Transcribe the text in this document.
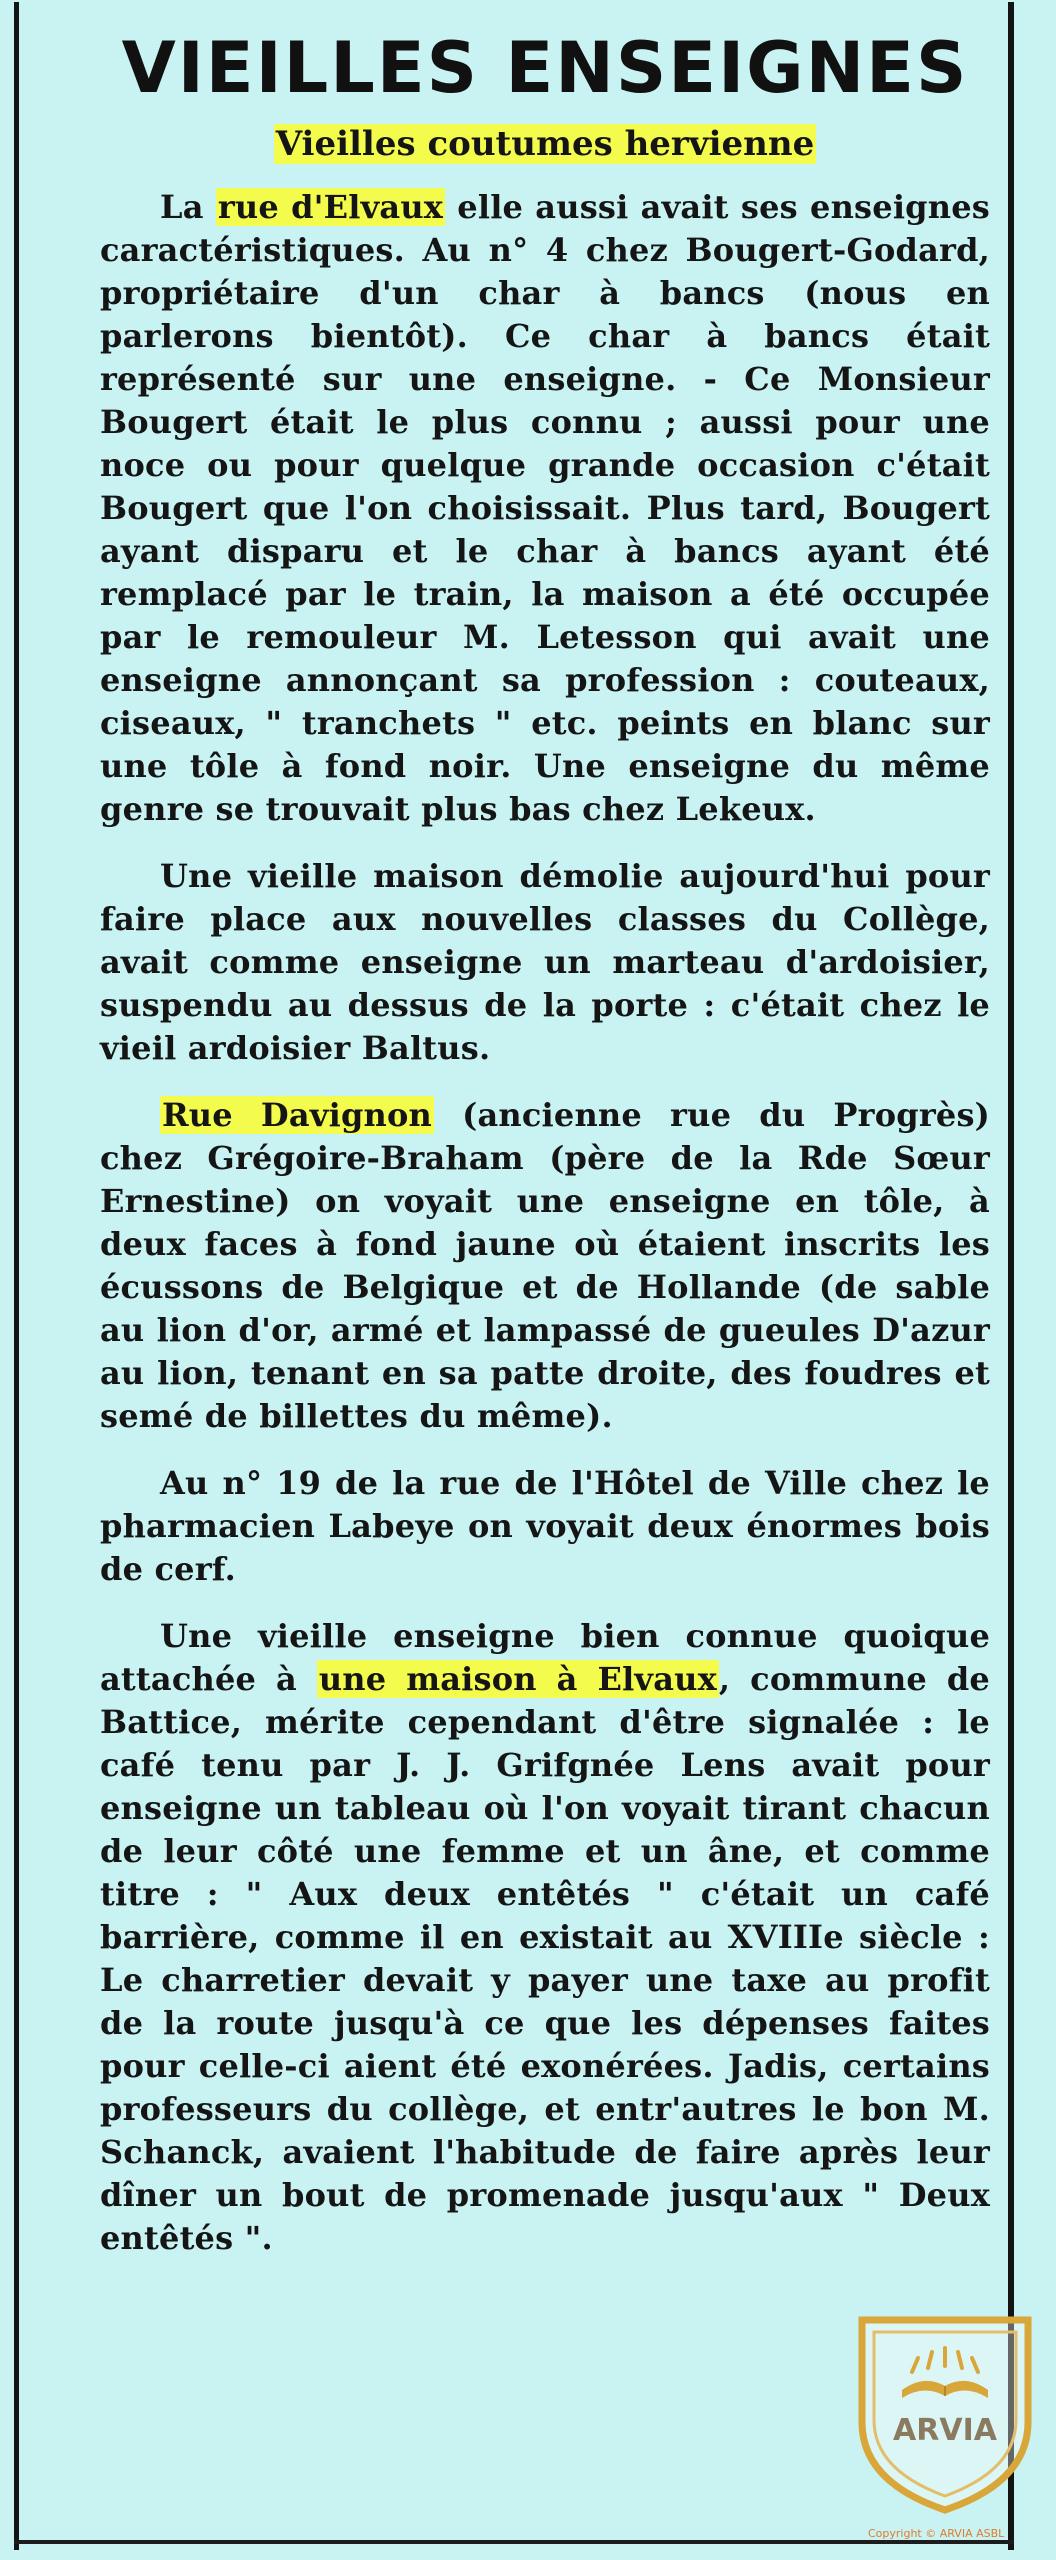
VIEILLES ENSEIGNES
Vieilles coutumes hervienne

La rue d'Elvaux elle aussi avait ses enseignes caractéristiques. Au n° 4 chez Bougert-Godard, propriétaire d'un char à bancs (nous en parlerons bientôt). Ce char à bancs était représenté sur une enseigne. - Ce Monsieur Bougert était le plus connu ; aussi pour une noce ou pour quelque grande occasion c'était Bougert que l'on choisissait. Plus tard, Bougert ayant disparu et le char à bancs ayant été remplacé par le train, la maison a été occupée par le remouleur M. Letesson qui avait une enseigne annonçant sa profession : couteaux, ciseaux, " tranchets " etc. peints en blanc sur une tôle à fond noir. Une enseigne du même genre se trouvait plus bas chez Lekeux.

Une vieille maison démolie aujourd'hui pour faire place aux nouvelles classes du Collège, avait comme enseigne un marteau d'ardoisier, suspendu au dessus de la porte : c'était chez le vieil ardoisier Baltus.

Rue Davignon (ancienne rue du Progrès) chez Grégoire-Braham (père de la Rde Sœur Ernestine) on voyait une enseigne en tôle, à deux faces à fond jaune où étaient inscrits les écussons de Belgique et de Hollande (de sable au lion d'or, armé et lampassé de gueules D'azur au lion, tenant en sa patte droite, des foudres et semé de billettes du même).

Au n° 19 de la rue de l'Hôtel de Ville chez le pharmacien Labeye on voyait deux énormes bois de cerf.

Une vieille enseigne bien connue quoique attachée à une maison à Elvaux, commune de Battice, mérite cependant d'être signalée : le café tenu par J. J. Grifgnée Lens avait pour enseigne un tableau où l'on voyait tirant chacun de leur côté une femme et un âne, et comme titre : " Aux deux entêtés " c'était un café barrière, comme il en existait au XVIIIe siècle : Le charretier devait y payer une taxe au profit de la route jusqu'à ce que les dépenses faites pour celle-ci aient été exonérées. Jadis, certains professeurs du collège, et entr'autres le bon M. Schanck, avaient l'habitude de faire après leur dîner un bout de promenade jusqu'aux " Deux entêtés ".

ARVIA
Copyright © ARVIA ASBL
